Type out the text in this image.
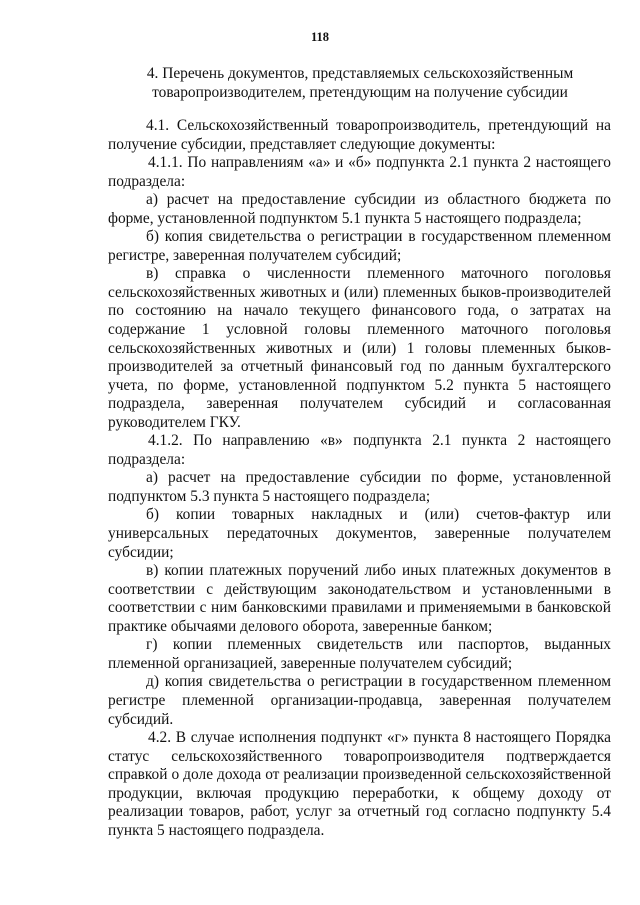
118
4. Перечень документов, представляемых сельскохозяйственным товаропроизводителем, претендующим на получение субсидии

4.1. Сельскохозяйственный товаропроизводитель, претендующий на получение субсидии, представляет следующие документы:

4.1.1. По направлениям «а» и «б» подпункта 2.1 пункта 2 настоящего подраздела:

а) расчет на предоставление субсидии из областного бюджета по форме, установленной подпунктом 5.1 пункта 5 настоящего подраздела;

б) копия свидетельства о регистрации в государственном племенном регистре, заверенная получателем субсидий;

в) справка о численности племенного маточного поголовья сельскохозяйственных животных и (или) племенных быков-производителей по состоянию на начало текущего финансового года, о затратах на содержание 1 условной головы племенного маточного поголовья сельскохозяйственных животных и (или) 1 головы племенных быков-производителей за отчетный финансовый год по данным бухгалтерского учета, по форме, установленной подпунктом 5.2 пункта 5 настоящего подраздела, заверенная получателем субсидий и согласованная руководителем ГКУ.

4.1.2. По направлению «в» подпункта 2.1 пункта 2 настоящего подраздела:

а) расчет на предоставление субсидии по форме, установленной подпунктом 5.3 пункта 5 настоящего подраздела;

б) копии товарных накладных и (или) счетов-фактур или универсальных передаточных документов, заверенные получателем субсидии;

в) копии платежных поручений либо иных платежных документов в соответствии с действующим законодательством и установленными в соответствии с ним банковскими правилами и применяемыми в банковской практике обычаями делового оборота, заверенные банком;

г) копии племенных свидетельств или паспортов, выданных племенной организацией, заверенные получателем субсидий;

д) копия свидетельства о регистрации в государственном племенном регистре племенной организации-продавца, заверенная получателем субсидий.

4.2. В случае исполнения подпункт «г» пункта 8 настоящего Порядка статус сельскохозяйственного товаропроизводителя подтверждается справкой о доле дохода от реализации произведенной сельскохозяйственной продукции, включая продукцию переработки, к общему доходу от реализации товаров, работ, услуг за отчетный год согласно подпункту 5.4 пункта 5 настоящего подраздела.
